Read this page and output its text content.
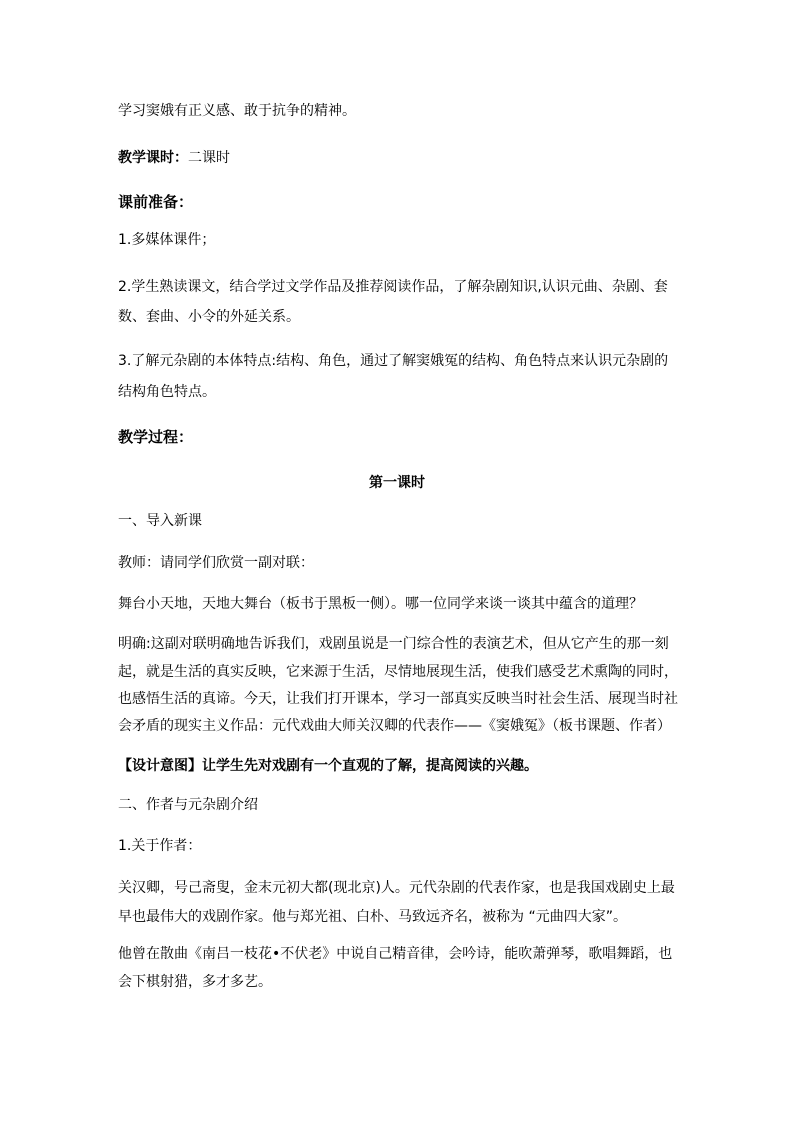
学习窦娥有正义感、敢于抗争的精神。
教学课时：二课时
课前准备：
1.多媒体课件；
2.学生熟读课文，结合学过文学作品及推荐阅读作品，了解杂剧知识,认识元曲、杂剧、套
数、套曲、小令的外延关系。
3.了解元杂剧的本体特点:结构、角色，通过了解窦娥冤的结构、角色特点来认识元杂剧的
结构角色特点。
教学过程：
第一课时
一、导入新课
教师：请同学们欣赏一副对联：
舞台小天地，天地大舞台（板书于黑板一侧）。哪一位同学来谈一谈其中蕴含的道理？
明确:这副对联明确地告诉我们，戏剧虽说是一门综合性的表演艺术，但从它产生的那一刻
起，就是生活的真实反映，它来源于生活，尽情地展现生活，使我们感受艺术熏陶的同时，
也感悟生活的真谛。今天，让我们打开课本，学习一部真实反映当时社会生活、展现当时社
会矛盾的现实主义作品：元代戏曲大师关汉卿的代表作——《窦娥冤》（板书课题、作者）
【设计意图】让学生先对戏剧有一个直观的了解，提高阅读的兴趣。
二、作者与元杂剧介绍
1.关于作者：
关汉卿，号己斋叟，金末元初大都(现北京)人。元代杂剧的代表作家，也是我国戏剧史上最
早也最伟大的戏剧作家。他与郑光祖、白朴、马致远齐名，被称为 “元曲四大家”。
他曾在散曲《南吕一枝花•不伏老》中说自己精音律，会吟诗，能吹萧弹琴，歌唱舞蹈，也
会下棋射猎，多才多艺。
